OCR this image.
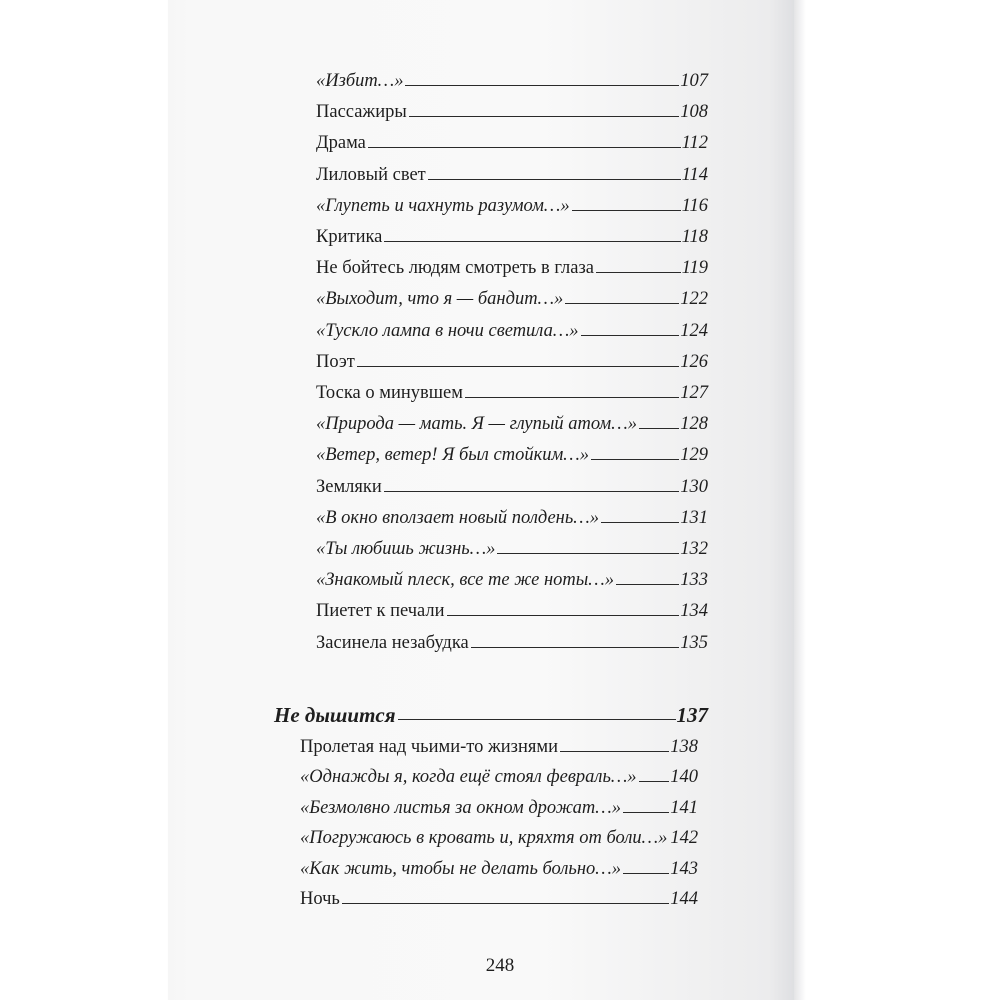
«Избит…»	107
Пассажиры	108
Драма	112
Лиловый свет	114
«Глупеть и чахнуть разумом…»	116
Критика	118
Не бойтесь людям смотреть в глаза	119
«Выходит, что я — бандит…»	122
«Тускло лампа в ночи светила…»	124
Поэт	126
Тоска о минувшем	127
«Природа — мать. Я — глупый атом…» 128
«Ветер, ветер! Я был стойким…»	129
Земляки	130
«В окно вползает новый полдень…»	131
«Ты любишь жизнь…»	132
«Знакомый плеск, все те же ноты…»	133
Пиетет к печали	134
Засинела незабудка	135
Не дышится	137
Пролетая над чьими-то жизнями	138
«Однажды я, когда ещё стоял февраль…» 140
«Безмолвно листья за окном дрожат…»	141
«Погружаюсь в кровать и, кряхтя от боли…» 142
«Как жить, чтобы не делать больно…»	143
Ночь	144
248
